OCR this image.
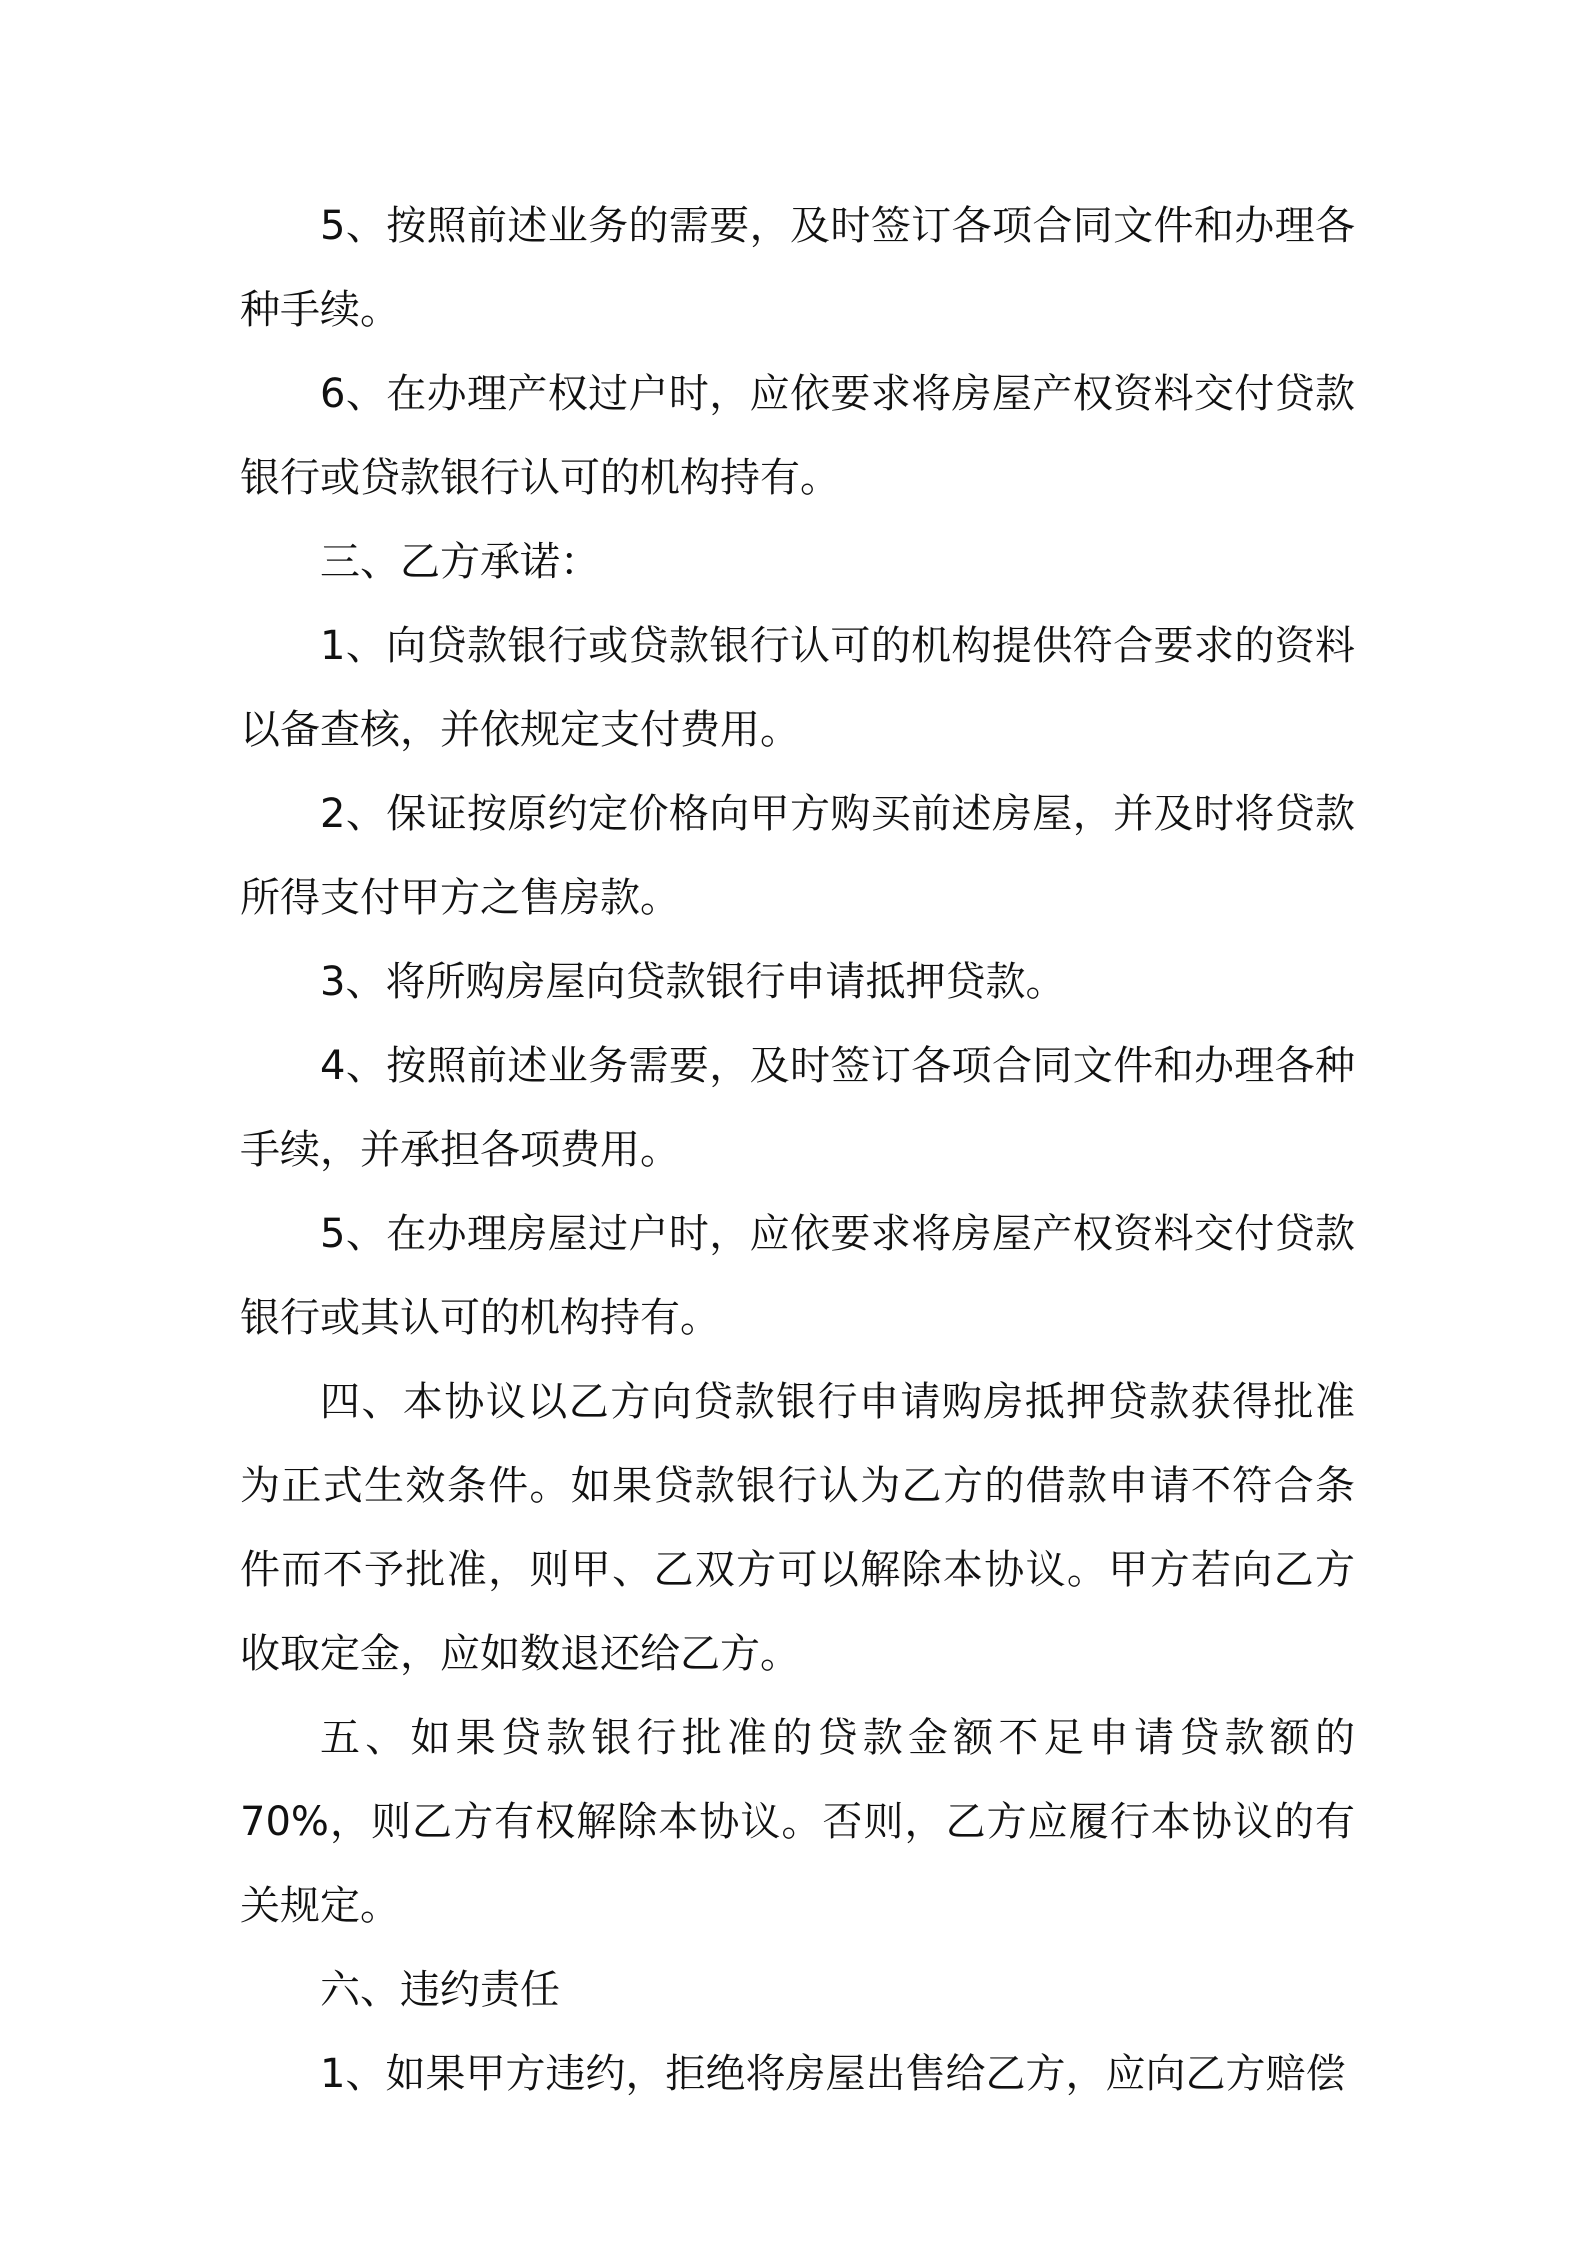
5、按照前述业务的需要，及时签订各项合同文件和办理各种手续。

6、在办理产权过户时，应依要求将房屋产权资料交付贷款银行或贷款银行认可的机构持有。

三、乙方承诺：

1、向贷款银行或贷款银行认可的机构提供符合要求的资料以备查核，并依规定支付费用。

2、保证按原约定价格向甲方购买前述房屋，并及时将贷款所得支付甲方之售房款。

3、将所购房屋向贷款银行申请抵押贷款。

4、按照前述业务需要，及时签订各项合同文件和办理各种手续，并承担各项费用。

5、在办理房屋过户时，应依要求将房屋产权资料交付贷款银行或其认可的机构持有。

四、本协议以乙方向贷款银行申请购房抵押贷款获得批准为正式生效条件。如果贷款银行认为乙方的借款申请不符合条件而不予批准，则甲、乙双方可以解除本协议。甲方若向乙方收取定金，应如数退还给乙方。

五、如果贷款银行批准的贷款金额不足申请贷款额的 70%，则乙方有权解除本协议。否则，乙方应履行本协议的有关规定。

六、违约责任

1、如果甲方违约，拒绝将房屋出售给乙方，应向乙方赔偿
